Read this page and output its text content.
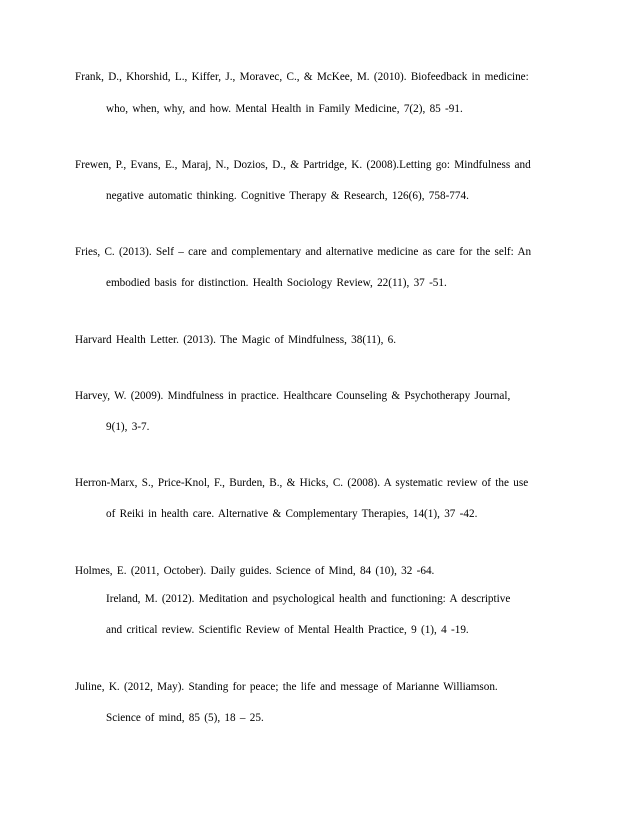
Frank, D., Khorshid, L., Kiffer, J., Moravec, C., & McKee, M. (2010). Biofeedback in medicine:
who, when, why, and how. Mental Health in Family Medicine, 7(2), 85 -91.
Frewen, P., Evans, E., Maraj, N., Dozios, D., & Partridge, K. (2008).Letting go: Mindfulness and
negative automatic thinking. Cognitive Therapy & Research, 126(6), 758-774.
Fries, C. (2013). Self – care and complementary and alternative medicine as care for the self: An
embodied basis for distinction. Health Sociology Review, 22(11), 37 -51.
Harvard Health Letter. (2013). The Magic of Mindfulness, 38(11), 6.
Harvey, W. (2009). Mindfulness in practice. Healthcare Counseling & Psychotherapy Journal,
9(1), 3-7.
Herron-Marx, S., Price-Knol, F., Burden, B., & Hicks, C. (2008). A systematic review of the use
of Reiki in health care. Alternative & Complementary Therapies, 14(1), 37 -42.
Holmes, E. (2011, October). Daily guides. Science of Mind, 84 (10), 32 -64.
Ireland, M. (2012). Meditation and psychological health and functioning: A descriptive
and critical review. Scientific Review of Mental Health Practice, 9 (1), 4 -19.
Juline, K. (2012, May). Standing for peace; the life and message of Marianne Williamson.
Science of mind, 85 (5), 18 – 25.
